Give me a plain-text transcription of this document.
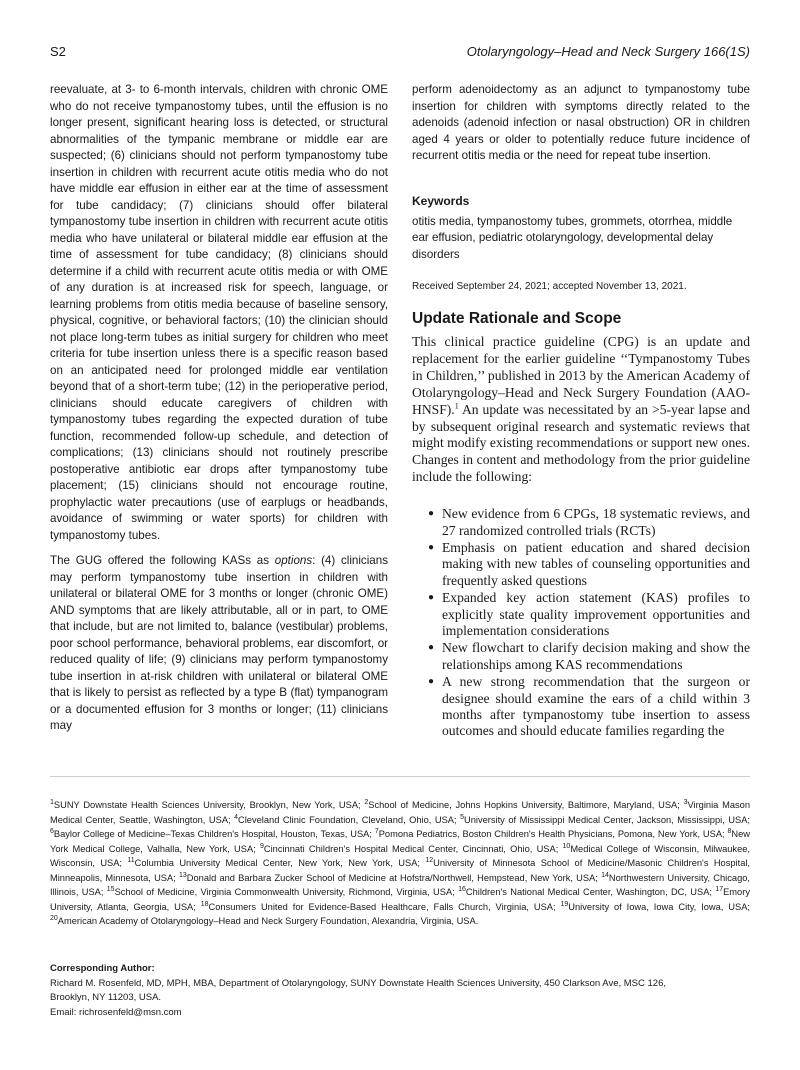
S2	Otolaryngology–Head and Neck Surgery 166(1S)

reevaluate, at 3- to 6-month intervals, children with chronic OME who do not receive tympanostomy tubes, until the effusion is no longer present, significant hearing loss is detected, or structural abnormalities of the tympanic membrane or middle ear are suspected; (6) clinicians should not perform tympanostomy tube insertion in children with recurrent acute otitis media who do not have middle ear effusion in either ear at the time of assessment for tube candidacy; (7) clinicians should offer bilateral tympanostomy tube insertion in children with recurrent acute otitis media who have unilateral or bilateral middle ear effusion at the time of assessment for tube candidacy; (8) clinicians should determine if a child with recurrent acute otitis media or with OME of any duration is at increased risk for speech, language, or learning problems from otitis media because of baseline sensory, physical, cognitive, or behavioral factors; (10) the clinician should not place long-term tubes as initial surgery for children who meet criteria for tube insertion unless there is a specific reason based on an anticipated need for prolonged middle ear ventilation beyond that of a short-term tube; (12) in the perioperative period, clinicians should educate caregivers of children with tympanostomy tubes regarding the expected duration of tube function, recommended follow-up schedule, and detection of complications; (13) clinicians should not routinely prescribe postoperative antibiotic ear drops after tympanostomy tube placement; (15) clinicians should not encourage routine, prophylactic water precautions (use of earplugs or headbands, avoidance of swimming or water sports) for children with tympanostomy tubes.

The GUG offered the following KASs as options: (4) clinicians may perform tympanostomy tube insertion in children with unilateral or bilateral OME for 3 months or longer (chronic OME) AND symptoms that are likely attributable, all or in part, to OME that include, but are not limited to, balance (vestibular) problems, poor school performance, behavioral problems, ear discomfort, or reduced quality of life; (9) clinicians may perform tympanostomy tube insertion in at-risk children with unilateral or bilateral OME that is likely to persist as reflected by a type B (flat) tympanogram or a documented effusion for 3 months or longer; (11) clinicians may

perform adenoidectomy as an adjunct to tympanostomy tube insertion for children with symptoms directly related to the adenoids (adenoid infection or nasal obstruction) OR in children aged 4 years or older to potentially reduce future incidence of recurrent otitis media or the need for repeat tube insertion.

Keywords

otitis media, tympanostomy tubes, grommets, otorrhea, middle ear effusion, pediatric otolaryngology, developmental delay disorders

Received September 24, 2021; accepted November 13, 2021.
Update Rationale and Scope

This clinical practice guideline (CPG) is an update and replacement for the earlier guideline ‘‘Tympanostomy Tubes in Children,’’ published in 2013 by the American Academy of Otolaryngology–Head and Neck Surgery Foundation (AAO-HNSF).$^1$ An update was necessitated by an >5-year lapse and by subsequent original research and systematic reviews that might modify existing recommendations or support new ones. Changes in content and methodology from the prior guideline include the following:

● New evidence from 6 CPGs, 18 systematic reviews, and 27 randomized controlled trials (RCTs)
● Emphasis on patient education and shared decision making with new tables of counseling opportunities and frequently asked questions
● Expanded key action statement (KAS) profiles to explicitly state quality improvement opportunities and implementation considerations
● New flowchart to clarify decision making and show the relationships among KAS recommendations
● A new strong recommendation that the surgeon or designee should examine the ears of a child within 3 months after tympanostomy tube insertion to assess outcomes and should educate families regarding the
$^1$SUNY Downstate Health Sciences University, Brooklyn, New York, USA; $^2$School of Medicine, Johns Hopkins University, Baltimore, Maryland, USA; $^3$Virginia Mason Medical Center, Seattle, Washington, USA; $^4$Cleveland Clinic Foundation, Cleveland, Ohio, USA; $^5$University of Mississippi Medical Center, Jackson, Mississippi, USA; $^6$Baylor College of Medicine–Texas Children's Hospital, Houston, Texas, USA; $^7$Pomona Pediatrics, Boston Children's Health Physicians, Pomona, New York, USA; $^8$New York Medical College, Valhalla, New York, USA; $^9$Cincinnati Children's Hospital Medical Center, Cincinnati, Ohio, USA; $^{10}$Medical College of Wisconsin, Milwaukee, Wisconsin, USA; $^{11}$Columbia University Medical Center, New York, New York, USA; $^{12}$University of Minnesota School of Medicine/Masonic Children's Hospital, Minneapolis, Minnesota, USA; $^{13}$Donald and Barbara Zucker School of Medicine at Hofstra/Northwell, Hempstead, New York, USA; $^{14}$Northwestern University, Chicago, Illinois, USA; $^{15}$School of Medicine, Virginia Commonwealth University, Richmond, Virginia, USA; $^{16}$Children's National Medical Center, Washington, DC, USA; $^{17}$Emory University, Atlanta, Georgia, USA; $^{18}$Consumers United for Evidence-Based Healthcare, Falls Church, Virginia, USA; $^{19}$University of Iowa, Iowa City, Iowa, USA; $^{20}$American Academy of Otolaryngology–Head and Neck Surgery Foundation, Alexandria, Virginia, USA.
Corresponding Author:
Richard M. Rosenfeld, MD, MPH, MBA, Department of Otolaryngology, SUNY Downstate Health Sciences University, 450 Clarkson Ave, MSC 126,
Brooklyn, NY 11203, USA.
Email: richrosenfeld@msn.com
